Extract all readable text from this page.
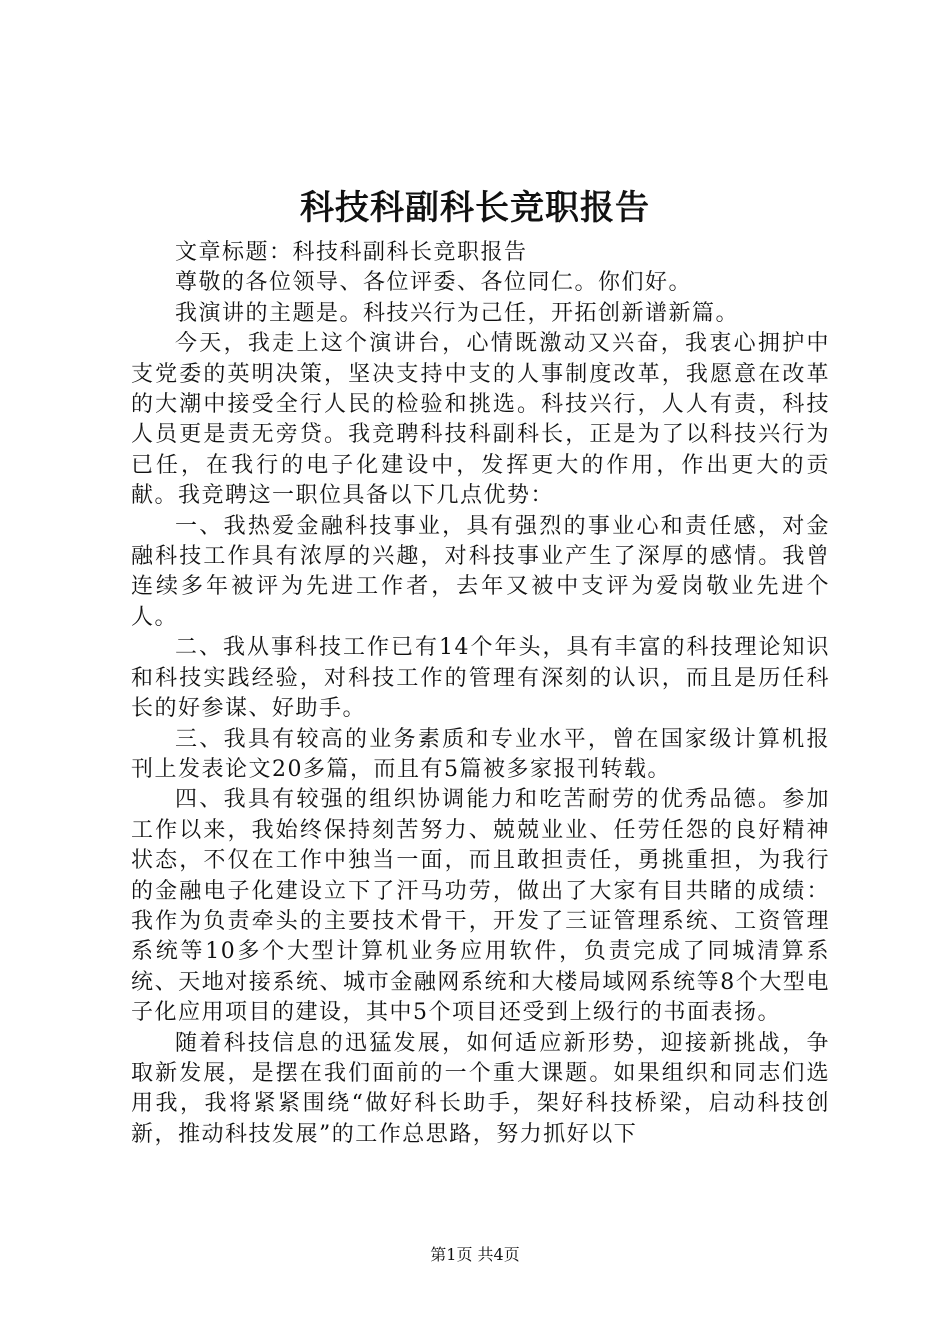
科技科副科长竞职报告

文章标题：科技科副科长竞职报告

尊敬的各位领导、各位评委、各位同仁。你们好。

我演讲的主题是。科技兴行为己任，开拓创新谱新篇。

今天，我走上这个演讲台，心情既激动又兴奋，我衷心拥护中支党委的英明决策，坚决支持中支的人事制度改革，我愿意在改革的大潮中接受全行人民的检验和挑选。科技兴行，人人有责，科技人员更是责无旁贷。我竞聘科技科副科长，正是为了以科技兴行为已任，在我行的电子化建设中，发挥更大的作用，作出更大的贡献。我竞聘这一职位具备以下几点优势：

一、我热爱金融科技事业，具有强烈的事业心和责任感，对金融科技工作具有浓厚的兴趣，对科技事业产生了深厚的感情。我曾连续多年被评为先进工作者，去年又被中支评为爱岗敬业先进个人。

二、我从事科技工作已有14个年头，具有丰富的科技理论知识和科技实践经验，对科技工作的管理有深刻的认识，而且是历任科长的好参谋、好助手。

三、我具有较高的业务素质和专业水平，曾在国家级计算机报刊上发表论文20多篇，而且有5篇被多家报刊转载。

四、我具有较强的组织协调能力和吃苦耐劳的优秀品德。参加工作以来，我始终保持刻苦努力、兢兢业业、任劳任怨的良好精神状态，不仅在工作中独当一面，而且敢担责任，勇挑重担，为我行的金融电子化建设立下了汗马功劳，做出了大家有目共睹的成绩：我作为负责牵头的主要技术骨干，开发了三证管理系统、工资管理系统等10多个大型计算机业务应用软件，负责完成了同城清算系统、天地对接系统、城市金融网系统和大楼局域网系统等8个大型电子化应用项目的建设，其中5个项目还受到上级行的书面表扬。

随着科技信息的迅猛发展，如何适应新形势，迎接新挑战，争取新发展，是摆在我们面前的一个重大课题。如果组织和同志们选用我，我将紧紧围绕“做好科长助手，架好科技桥梁，启动科技创新，推动科技发展”的工作总思路，努力抓好以下

第1页 共4页
